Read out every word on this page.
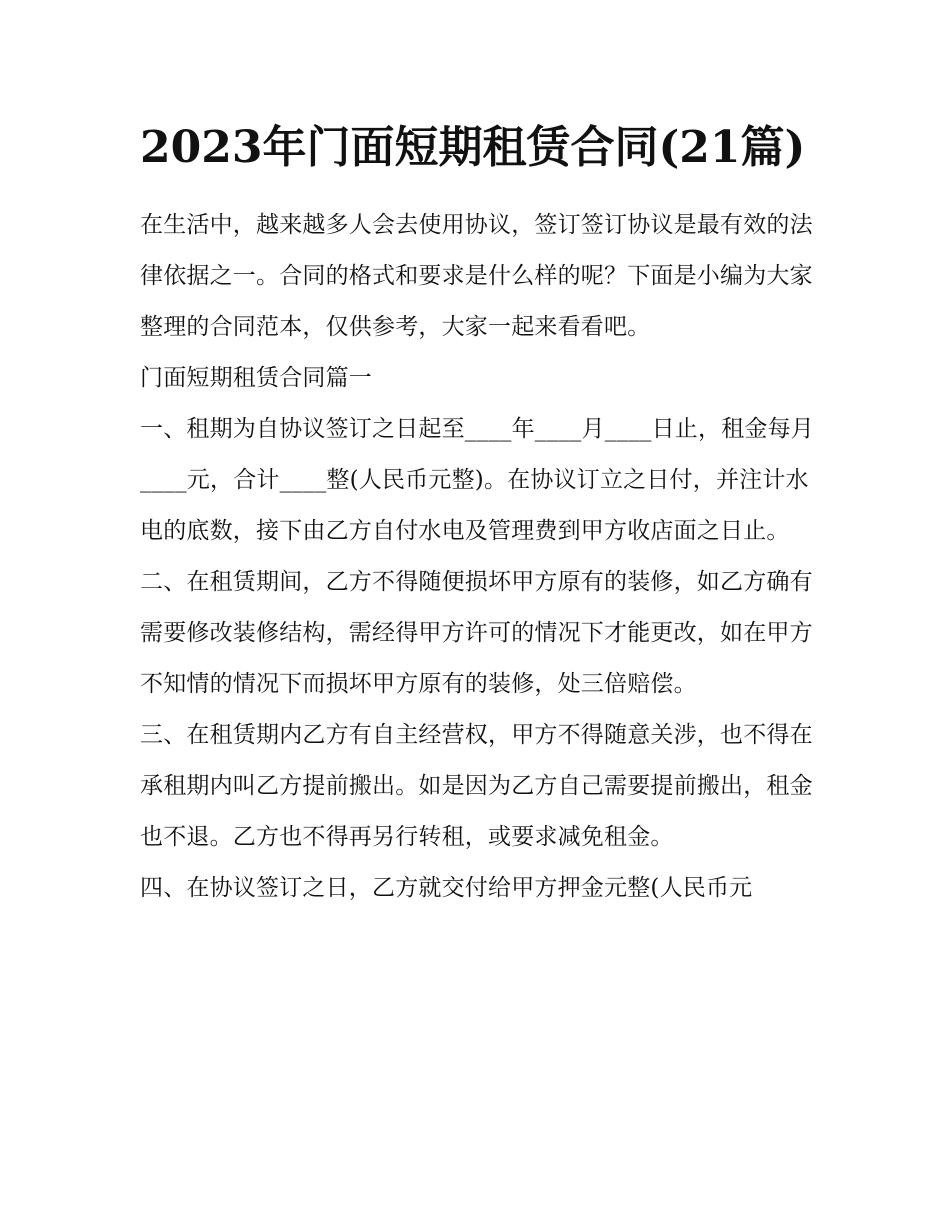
2023年门面短期租赁合同(21篇)

在生活中，越来越多人会去使用协议，签订签订协议是最有效的法律依据之一。合同的格式和要求是什么样的呢？下面是小编为大家整理的合同范本，仅供参考，大家一起来看看吧。

门面短期租赁合同篇一

一、租期为自协议签订之日起至____年____月____日止，租金每月____元，合计____整(人民币元整)。在协议订立之日付，并注计水电的底数，接下由乙方自付水电及管理费到甲方收店面之日止。

二、在租赁期间，乙方不得随便损坏甲方原有的装修，如乙方确有需要修改装修结构，需经得甲方许可的情况下才能更改，如在甲方不知情的情况下而损坏甲方原有的装修，处三倍赔偿。

三、在租赁期内乙方有自主经营权，甲方不得随意关涉，也不得在承租期内叫乙方提前搬出。如是因为乙方自己需要提前搬出，租金也不退。乙方也不得再另行转租，或要求减免租金。

四、在协议签订之日，乙方就交付给甲方押金元整(人民币元
